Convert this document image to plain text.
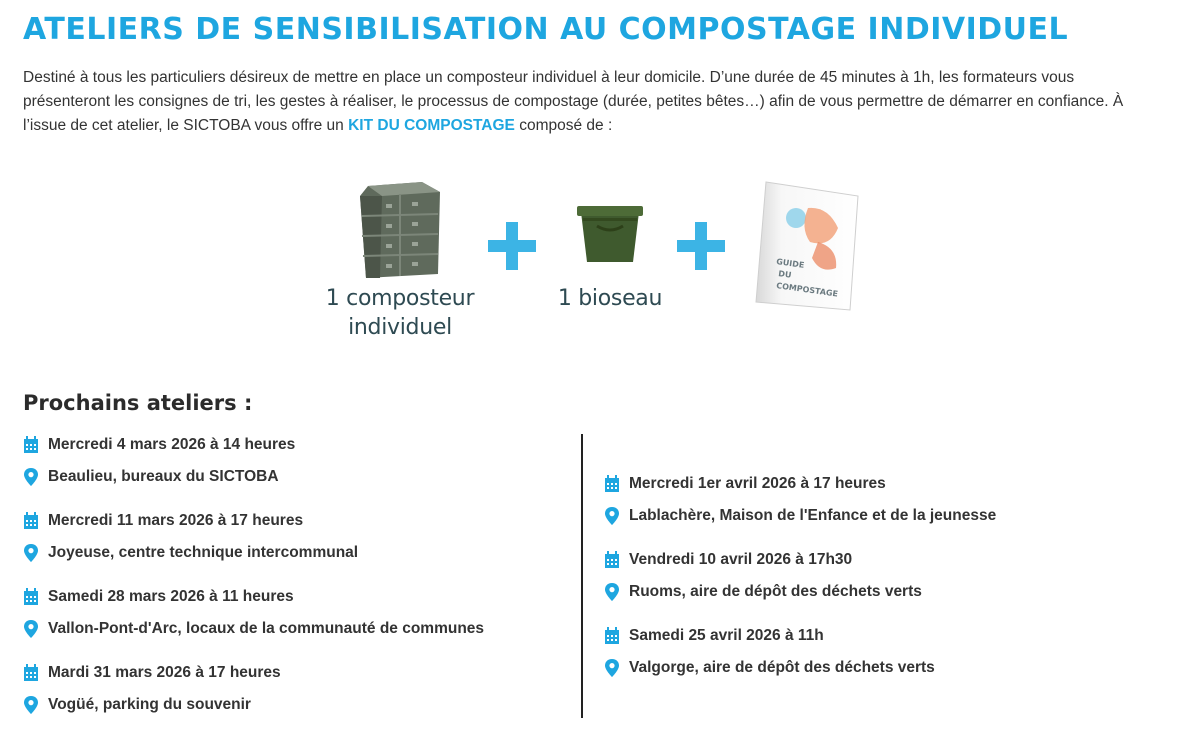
ATELIERS DE SENSIBILISATION AU COMPOSTAGE INDIVIDUEL

Destiné à tous les particuliers désireux de mettre en place un composteur individuel à leur domicile. D’une durée de 45 minutes à 1h, les formateurs vous présenteront les consignes de tri, les gestes à réaliser, le processus de compostage (durée, petites bêtes…) afin de vous permettre de démarrer en confiance. À l’issue de cet atelier, le SICTOBA vous offre un KIT DU COMPOSTAGE composé de :

1 composteur
individuel
1 bioseau
GUIDE
DU
COMPOSTAGE
Prochains ateliers :
Mercredi 4 mars 2026 à 14 heures
Beaulieu, bureaux du SICTOBA
Mercredi 11 mars 2026 à 17 heures
Joyeuse, centre technique intercommunal
Samedi 28 mars 2026 à 11 heures
Vallon-Pont-d'Arc, locaux de la communauté de communes
Mardi 31 mars 2026 à 17 heures
Vogüé, parking du souvenir
Mercredi 1er avril 2026 à 17 heures
Lablachère, Maison de l'Enfance et de la jeunesse
Vendredi 10 avril 2026 à 17h30
Ruoms, aire de dépôt des déchets verts
Samedi 25 avril 2026 à 11h
Valgorge, aire de dépôt des déchets verts
